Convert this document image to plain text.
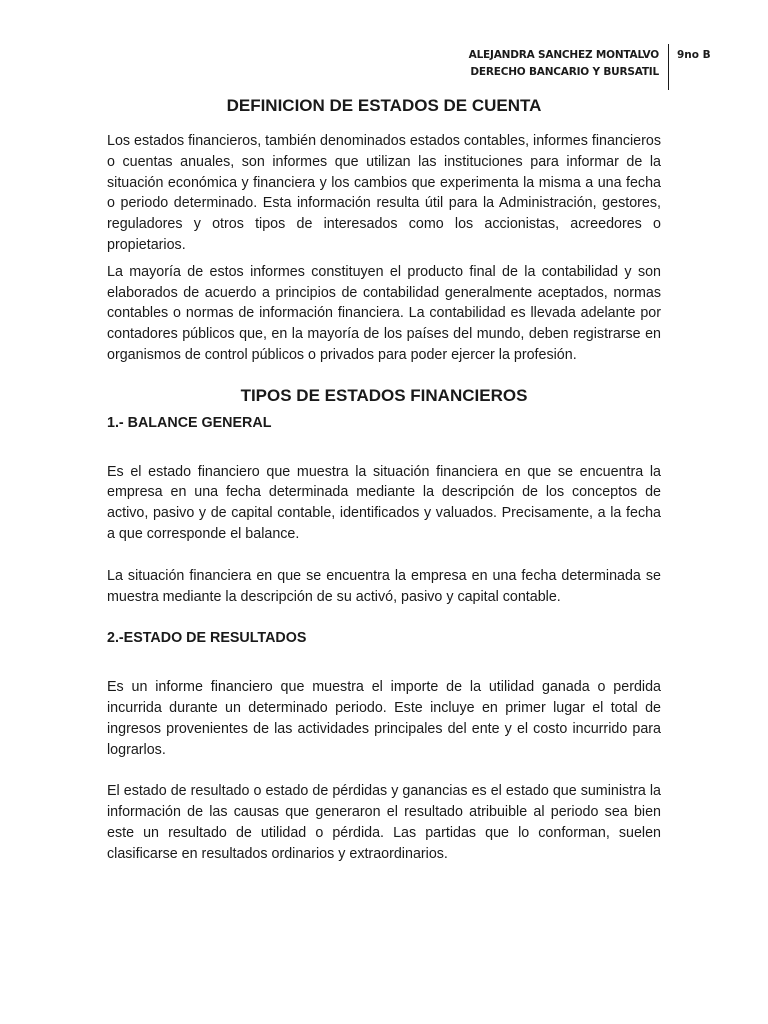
ALEJANDRA SANCHEZ MONTALVO
DERECHO BANCARIO Y BURSATIL
9no B
DEFINICION DE ESTADOS DE CUENTA

Los estados financieros, también denominados estados contables, informes financieros o cuentas anuales, son informes que utilizan las instituciones para informar de la situación económica y financiera y los cambios que experimenta la misma a una fecha o periodo determinado. Esta información resulta útil para la Administración, gestores, reguladores y otros tipos de interesados como los accionistas, acreedores o propietarios.

La mayoría de estos informes constituyen el producto final de la contabilidad y son elaborados de acuerdo a principios de contabilidad generalmente aceptados, normas contables o normas de información financiera. La contabilidad es llevada adelante por contadores públicos que, en la mayoría de los países del mundo, deben registrarse en organismos de control públicos o privados para poder ejercer la profesión.

TIPOS DE ESTADOS FINANCIEROS
1.- BALANCE GENERAL

Es el estado financiero que muestra la situación financiera en que se encuentra la empresa en una fecha determinada mediante la descripción de los conceptos de activo, pasivo y de capital contable, identificados y valuados. Precisamente, a la fecha a que corresponde el balance.

La situación financiera en que se encuentra la empresa en una fecha determinada se muestra mediante la descripción de su activó, pasivo y capital contable.

2.-ESTADO DE RESULTADOS

Es un informe financiero que muestra el importe de la utilidad ganada o perdida incurrida durante un determinado periodo. Este incluye en primer lugar el total de ingresos provenientes de las actividades principales del ente y el costo incurrido para lograrlos.

El estado de resultado o estado de pérdidas y ganancias es el estado que suministra la información de las causas que generaron el resultado atribuible al periodo sea bien este un resultado de utilidad o pérdida. Las partidas que lo conforman, suelen clasificarse en resultados ordinarios y extraordinarios.
